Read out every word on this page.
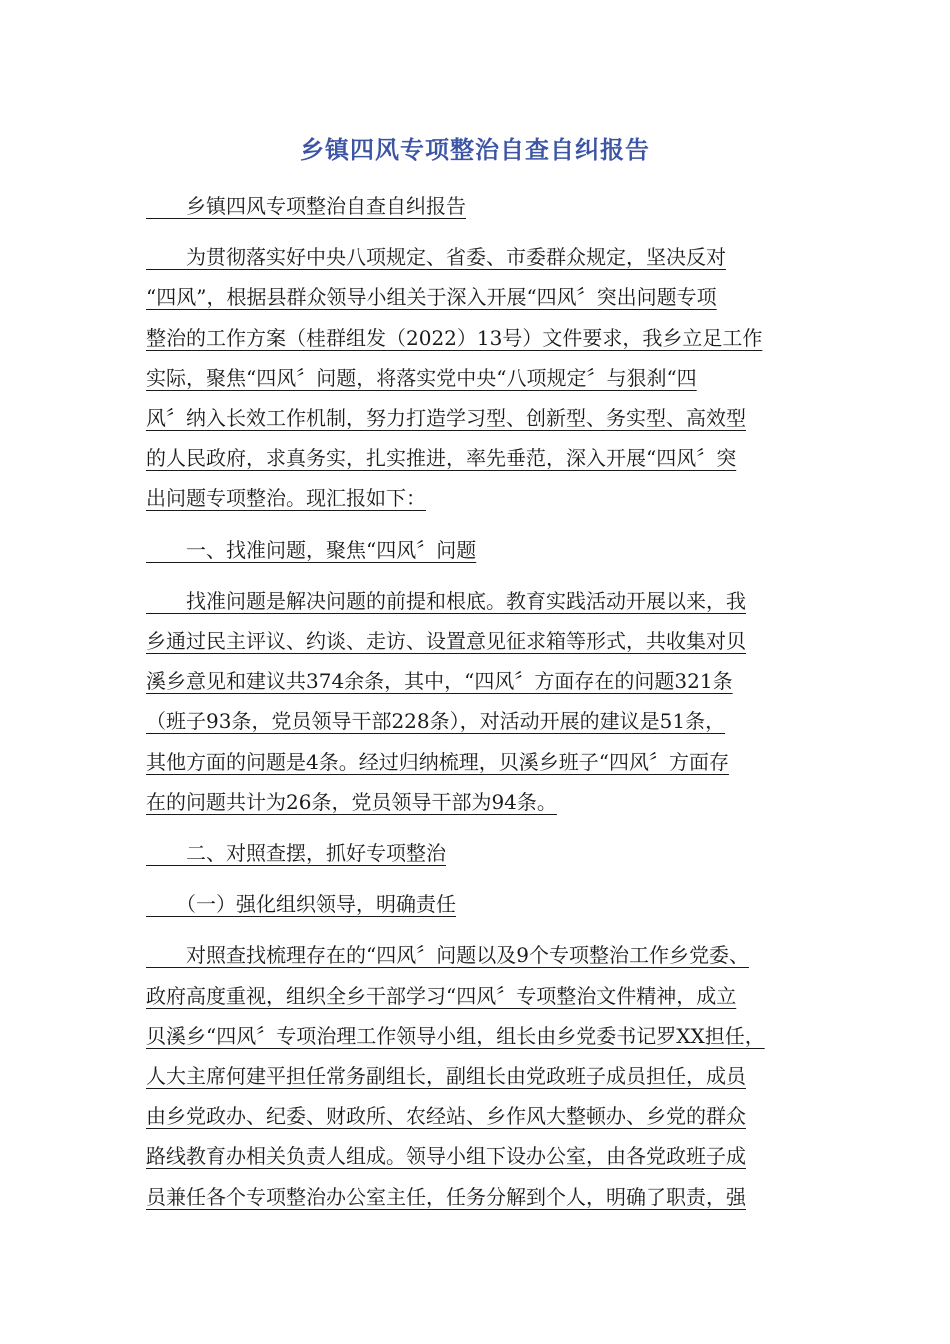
乡镇四风专项整治自查自纠报告

　　乡镇四风专项整治自查自纠报告

　　为贯彻落实好中央八项规定、省委、市委群众规定，坚决反对
“四风”，根据县群众领导小组关于深入开展“四风〞突出问题专项
整治的工作方案（桂群组发（2022）13号）文件要求，我乡立足工作
实际，聚焦“四风〞问题，将落实党中央“八项规定〞与狠刹“四
风〞纳入长效工作机制，努力打造学习型、创新型、务实型、高效型
的人民政府，求真务实，扎实推进，率先垂范，深入开展“四风〞突
出问题专项整治。现汇报如下：

　　一、找准问题，聚焦“四风〞问题

　　找准问题是解决问题的前提和根底。教育实践活动开展以来，我
乡通过民主评议、约谈、走访、设置意见征求箱等形式，共收集对贝
溪乡意见和建议共374余条，其中，“四风〞方面存在的问题321条
（班子93条，党员领导干部228条），对活动开展的建议是51条，
其他方面的问题是4条。经过归纳梳理，贝溪乡班子“四风〞方面存
在的问题共计为26条，党员领导干部为94条。

　　二、对照查摆，抓好专项整治

　　（一）强化组织领导，明确责任

　　对照查找梳理存在的“四风〞问题以及9个专项整治工作乡党委、
政府高度重视，组织全乡干部学习“四风〞专项整治文件精神，成立
贝溪乡“四风〞专项治理工作领导小组，组长由乡党委书记罗XX担任，
人大主席何建平担任常务副组长，副组长由党政班子成员担任，成员
由乡党政办、纪委、财政所、农经站、乡作风大整顿办、乡党的群众
路线教育办相关负责人组成。领导小组下设办公室，由各党政班子成
员兼任各个专项整治办公室主任，任务分解到个人，明确了职责，强
